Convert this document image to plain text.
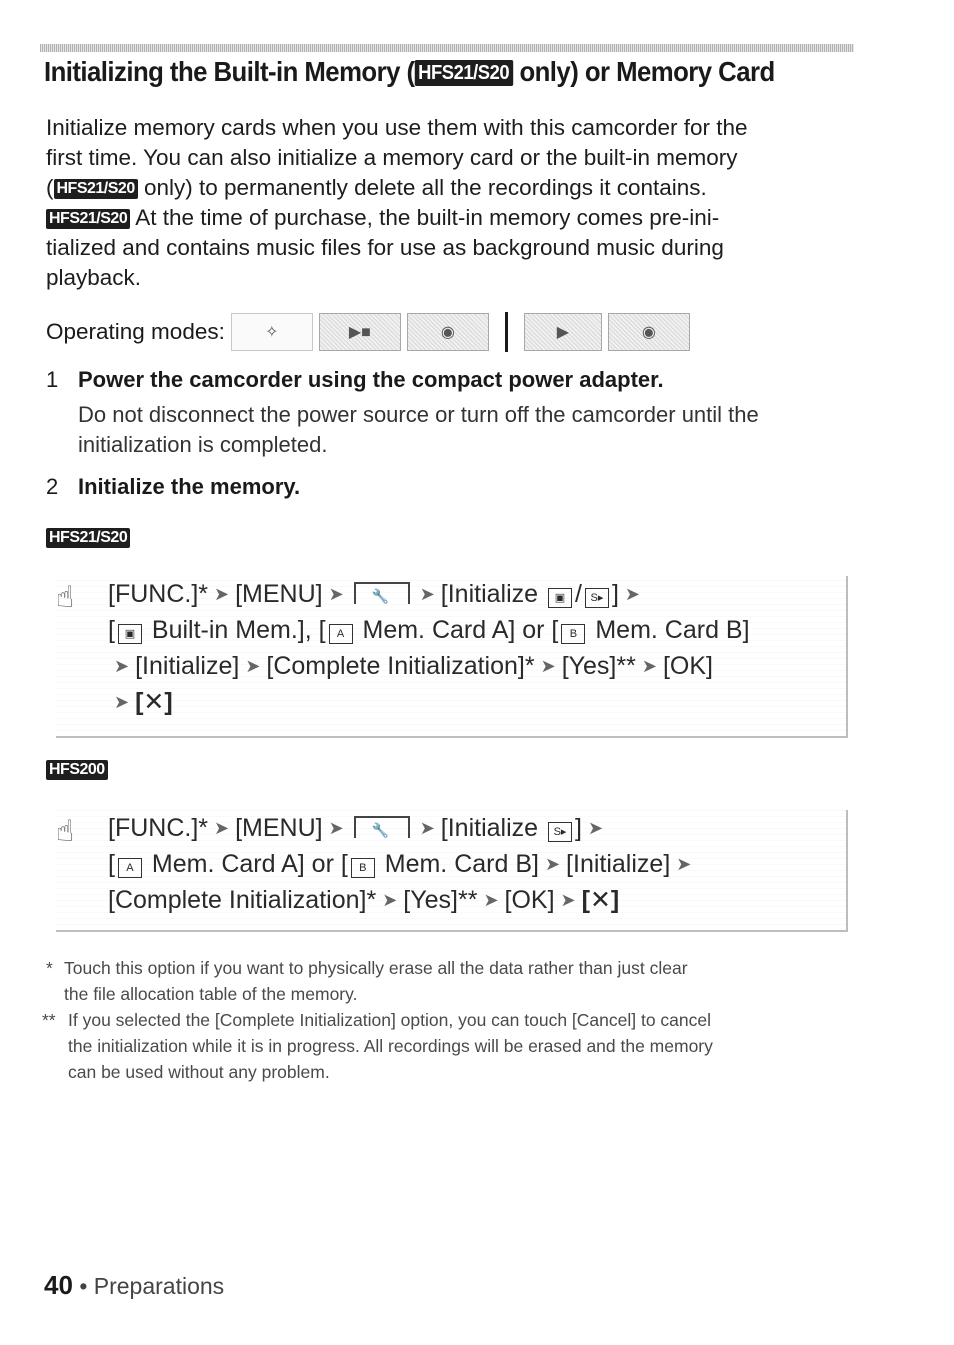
Initializing the Built-in Memory ( HFS21/S20 only) or Memory Card

Initialize memory cards when you use them with this camcorder for the

first time. You can also initialize a memory card or the built-in memory

( HFS21/S20 only) to permanently delete all the recordings it contains.

HFS21/S20 At the time of purchase, the built-in memory comes pre-ini-

tialized and contains music files for use as background music during

playback.

Operating modes:	✧	▶■	◉	▶	◉
1 Power the camcorder using the compact power adapter.
Do not disconnect the power source or turn off the camcorder until the
initialization is completed.
2 Initialize the memory.
HFS21/S20
☝ [FUNC.]* ➤ [MENU] ➤ 🔧	➤ [Initialize ▣ / S▸ ] ➤
[ ▣ Built-in Mem.], [ A Mem. Card A] or [ B Mem. Card B]
➤ [Initialize] ➤ [Complete Initialization]* ➤ [Yes]** ➤ [OK]
➤ [✕]
HFS200
☝ [FUNC.]* ➤ [MENU] ➤ 🔧	➤ [Initialize S▸ ] ➤
[ A Mem. Card A] or [ B Mem. Card B] ➤ [Initialize] ➤
[Complete Initialization]* ➤ [Yes]** ➤ [OK] ➤ [✕]
* Touch this option if you want to physically erase all the data rather than just clear
the file allocation table of the memory.
** If you selected the [Complete Initialization] option, you can touch [Cancel] to cancel
the initialization while it is in progress. All recordings will be erased and the memory
can be used without any problem.
40 • Preparations
